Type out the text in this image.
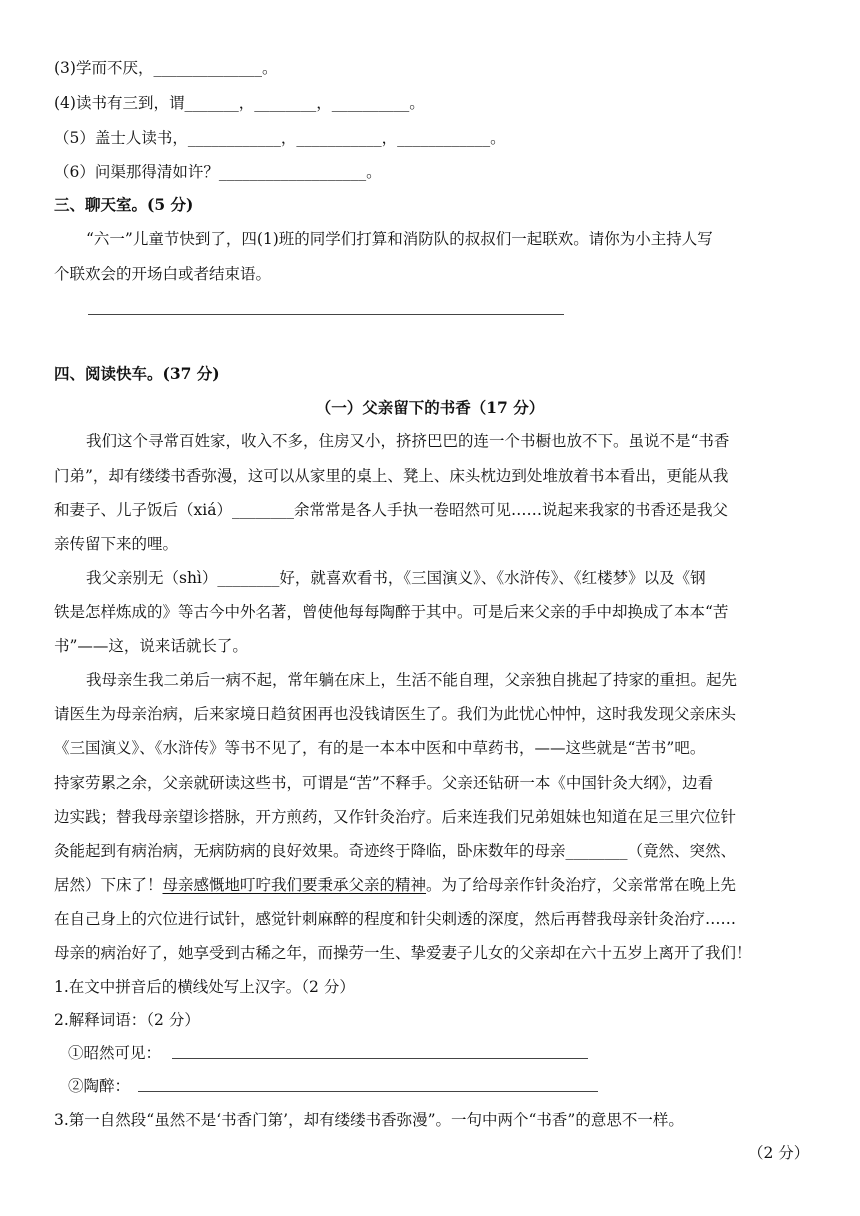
(3)学而不厌，______________。
(4)读书有三到，谓_______，________，__________。
（5）盖士人读书，____________，___________，____________。
（6）问渠那得清如许？___________________。
三、聊天室。(5 分)
“六一”儿童节快到了，四(1)班的同学们打算和消防队的叔叔们一起联欢。请你为小主持人写
个联欢会的开场白或者结束语。
四、阅读快车。(37 分)
（一）父亲留下的书香（17 分）
我们这个寻常百姓家，收入不多，住房又小，挤挤巴巴的连一个书橱也放不下。虽说不是“书香
门弟”，却有缕缕书香弥漫，这可以从家里的桌上、凳上、床头枕边到处堆放着书本看出，更能从我
和妻子、儿子饭后（xiá）________余常常是各人手执一卷昭然可见……说起来我家的书香还是我父
亲传留下来的哩。
我父亲别无（shì）________好，就喜欢看书，《三国演义》、《水浒传》、《红楼梦》以及《钢
铁是怎样炼成的》等古今中外名著，曾使他每每陶醉于其中。可是后来父亲的手中却换成了本本“苦
书”——这，说来话就长了。
我母亲生我二弟后一病不起，常年躺在床上，生活不能自理，父亲独自挑起了持家的重担。起先
请医生为母亲治病，后来家境日趋贫困再也没钱请医生了。我们为此忧心忡忡，这时我发现父亲床头
《三国演义》、《水浒传》等书不见了，有的是一本本中医和中草药书，——这些就是“苦书”吧。
持家劳累之余，父亲就研读这些书，可谓是“苦”不释手。父亲还钻研一本《中国针灸大纲》，边看
边实践；替我母亲望诊搭脉，开方煎药，又作针灸治疗。后来连我们兄弟姐妹也知道在足三里穴位针
灸能起到有病治病，无病防病的良好效果。奇迹终于降临，卧床数年的母亲________（竟然、突然、
居然）下床了！母亲感慨地叮咛我们要秉承父亲的精神。为了给母亲作针灸治疗，父亲常常在晚上先
在自己身上的穴位进行试针，感觉针刺麻醉的程度和针尖刺透的深度，然后再替我母亲针灸治疗……
母亲的病治好了，她享受到古稀之年，而操劳一生、挚爱妻子儿女的父亲却在六十五岁上离开了我们！
1.在文中拼音后的横线处写上汉字。（2 分）
2.解释词语：（2 分）
①昭然可见：
②陶醉：
3.第一自然段“虽然不是‘书香门第’，却有缕缕书香弥漫”。一句中两个“书香”的意思不一样。
（2 分）
